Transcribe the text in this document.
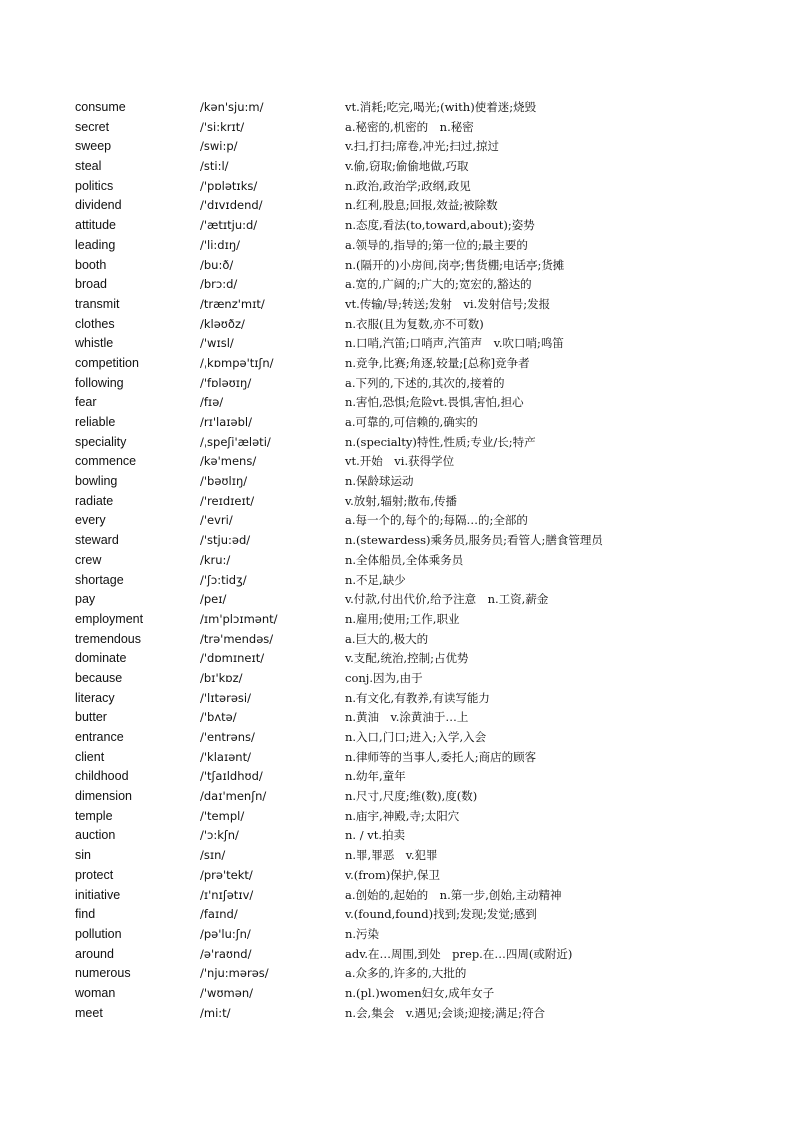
consume	/kən'sju:m/	vt.消耗;吃完,喝光;(with)使着迷;烧毁
secret	/'si:krɪt/	a.秘密的,机密的　n.秘密
sweep	/swi:p/	v.扫,打扫;席卷,冲光;扫过,掠过
steal	/sti:l/	v.偷,窃取;偷偷地做,巧取
politics	/'pɒlətɪks/	n.政治,政治学;政纲,政见
dividend	/'dɪvɪdend/	n.红利,股息;回报,效益;被除数
attitude	/'ætɪtju:d/	n.态度,看法(to,toward,about);姿势
leading	/'li:dɪŋ/	a.领导的,指导的;第一位的;最主要的
booth	/bu:ð/	n.(隔开的)小房间,岗亭;售货棚;电话亭;货摊
broad	/brɔ:d/	a.宽的,广阔的;广大的;宽宏的,豁达的
transmit	/trænz'mɪt/	vt.传输/导;转送;发射　vi.发射信号;发报
clothes	/kləʊðz/	n.衣服(且为复数,亦不可数)
whistle	/'wɪsl/	n.口哨,汽笛;口哨声,汽笛声　v.吹口哨;鸣笛
competition	/ˌkɒmpə'tɪʃn/	n.竞争,比赛;角逐,较量;[总称]竞争者
following	/'fɒləʊɪŋ/	a.下列的,下述的,其次的,接着的
fear	/fɪə/	n.害怕,恐惧;危险vt.畏惧,害怕,担心
reliable	/rɪ'laɪəbl/	a.可靠的,可信赖的,确实的
speciality	/ˌspeʃi'æləti/	n.(specialty)特性,性质;专业/长;特产
commence	/kə'mens/	vt.开始　vi.获得学位
bowling	/'bəʊlɪŋ/	n.保龄球运动
radiate	/'reɪdɪeɪt/	v.放射,辐射;散布,传播
every	/'evri/	a.每一个的,每个的;每隔…的;全部的
steward	/'stju:əd/	n.(stewardess)乘务员,服务员;看管人;膳食管理员
crew	/kru:/	n.全体船员,全体乘务员
shortage	/'ʃɔ:tidʒ/	n.不足,缺少
pay	/peɪ/	v.付款,付出代价,给予注意　n.工资,薪金
employment	/ɪm'plɔɪmənt/	n.雇用;使用;工作,职业
tremendous	/trə'mendəs/	a.巨大的,极大的
dominate	/'dɒmɪneɪt/	v.支配,统治,控制;占优势
because	/bɪ'kɒz/	conj.因为,由于
literacy	/'lɪtərəsi/	n.有文化,有教养,有读写能力
butter	/'bʌtə/	n.黄油　v.涂黄油于…上
entrance	/'entrəns/	n.入口,门口;进入;入学,入会
client	/'klaɪənt/	n.律师等的当事人,委托人;商店的顾客
childhood	/'tʃaɪldhʊd/	n.幼年,童年
dimension	/daɪ'menʃn/	n.尺寸,尺度;维(数),度(数)
temple	/'templ/	n.庙宇,神殿,寺;太阳穴
auction	/'ɔ:kʃn/	n. / vt.拍卖
sin	/sɪn/	n.罪,罪恶　v.犯罪
protect	/prə'tekt/	v.(from)保护,保卫
initiative	/ɪ'nɪʃətɪv/	a.创始的,起始的　n.第一步,创始,主动精神
find	/faɪnd/	v.(found,found)找到;发现;发觉;感到
pollution	/pə'lu:ʃn/	n.污染
around	/ə'raʊnd/	adv.在…周围,到处　prep.在…四周(或附近)
numerous	/'nju:mərəs/	a.众多的,许多的,大批的
woman	/'wʊmən/	n.(pl.)women妇女,成年女子
meet	/mi:t/	n.会,集会　v.遇见;会谈;迎接;满足;符合
